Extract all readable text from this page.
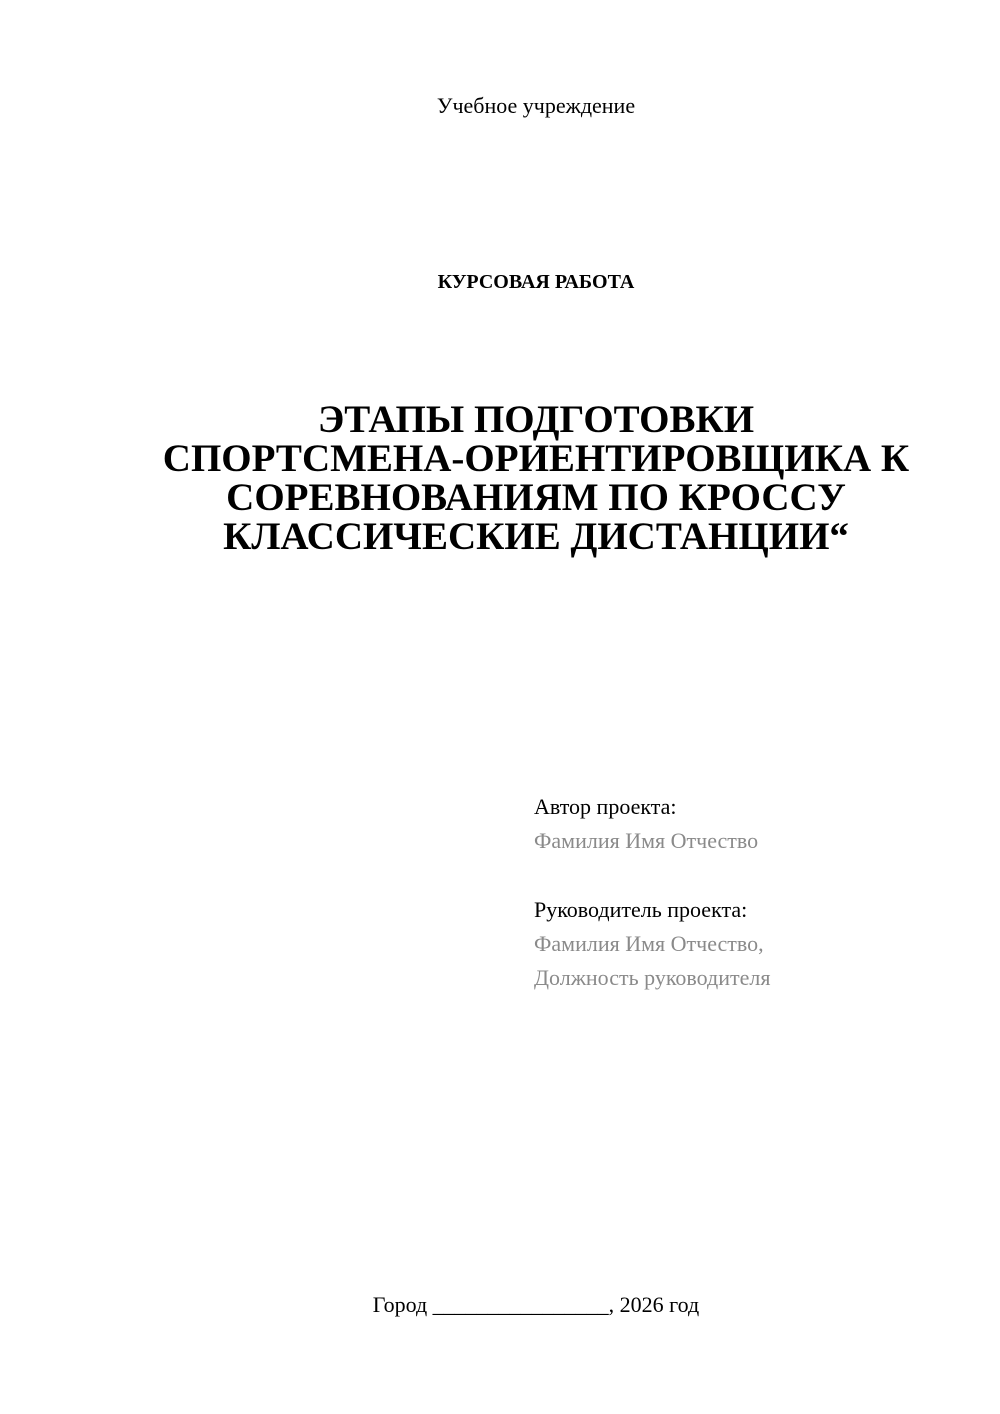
Учебное учреждение
КУРСОВАЯ РАБОТА
ЭТАПЫ ПОДГОТОВКИ
СПОРТСМЕНА-ОРИЕНТИРОВЩИКА К
СОРЕВНОВАНИЯМ ПО КРОССУ
КЛАССИЧЕСКИЕ ДИСТАНЦИИ“
Автор проекта:
Фамилия Имя Отчество
Руководитель проекта:
Фамилия Имя Отчество,
Должность руководителя
Город ________________, 2026 год
